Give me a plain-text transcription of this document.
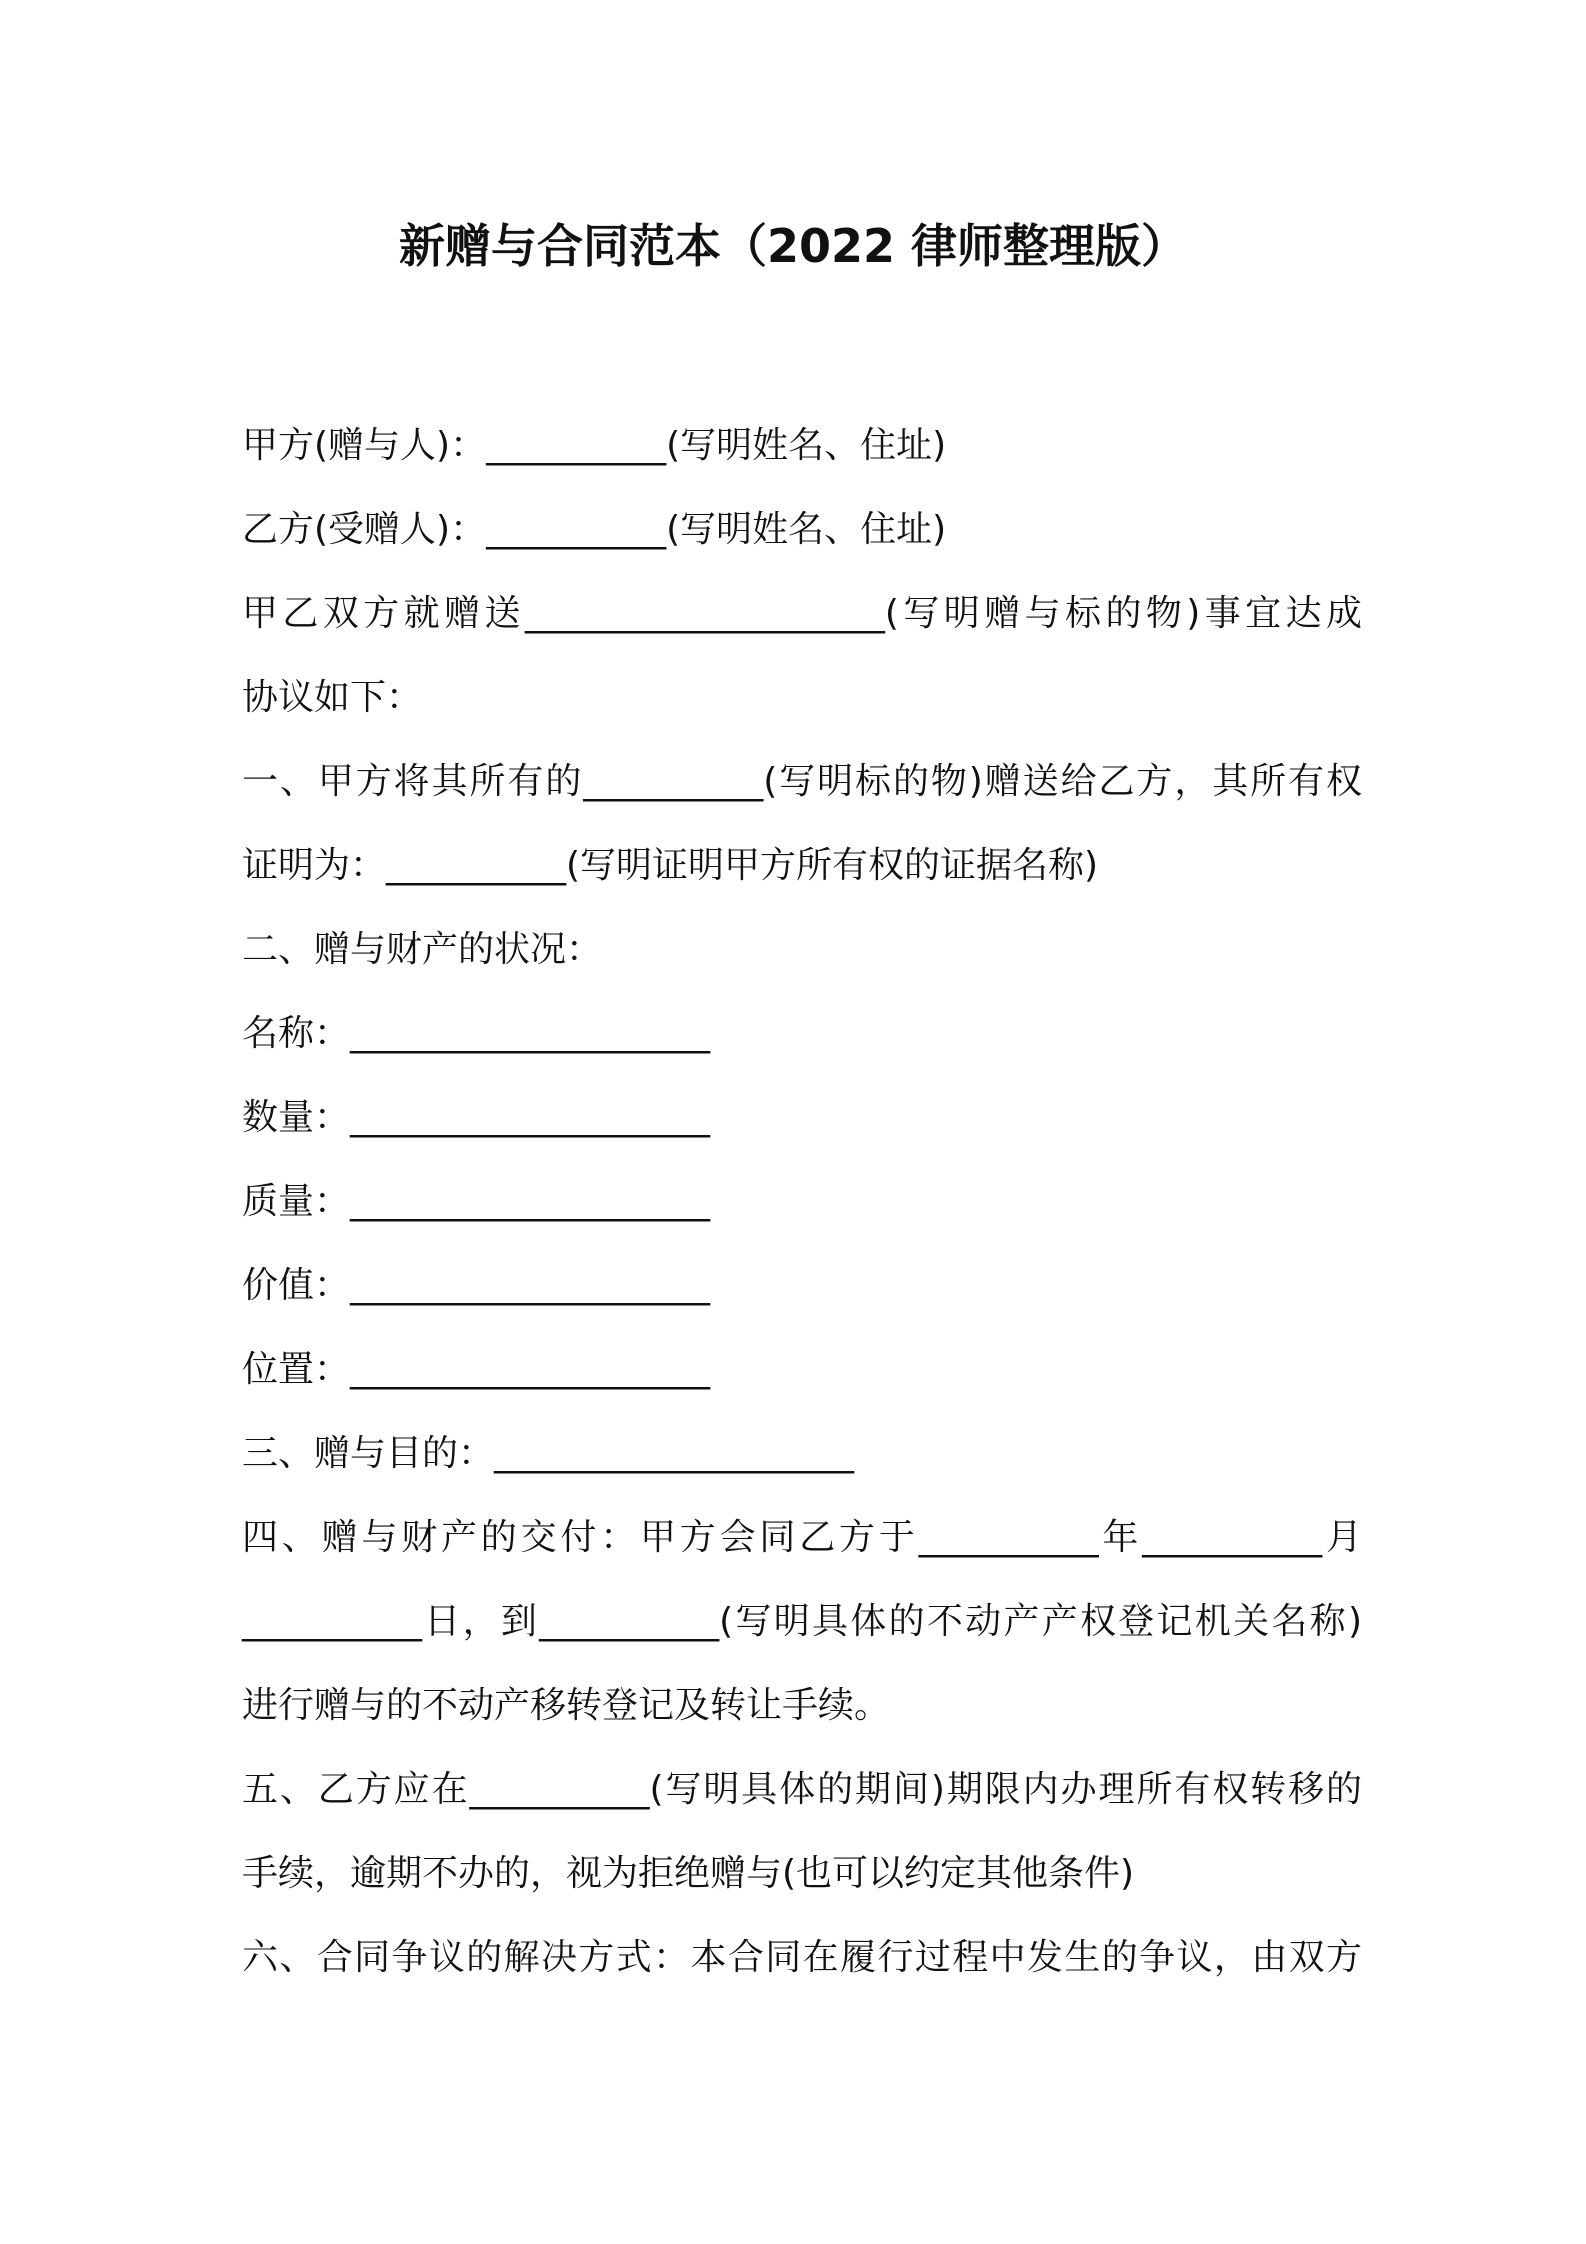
新赠与合同范本（2022 律师整理版）

甲方(赠与人)：__________(写明姓名、住址)

乙方(受赠人)：__________(写明姓名、住址)

甲乙双方就赠送____________________(写明赠与标的物)事宜达成

协议如下：

一、甲方将其所有的__________(写明标的物)赠送给乙方，其所有权

证明为：__________(写明证明甲方所有权的证据名称)

二、赠与财产的状况：

名称：____________________

数量：____________________

质量：____________________

价值：____________________

位置：____________________

三、赠与目的：____________________

四、赠与财产的交付：甲方会同乙方于__________年__________月

__________日，到__________(写明具体的不动产产权登记机关名称)

进行赠与的不动产移转登记及转让手续。

五、乙方应在__________(写明具体的期间)期限内办理所有权转移的

手续，逾期不办的，视为拒绝赠与(也可以约定其他条件)

六、合同争议的解决方式：本合同在履行过程中发生的争议，由双方
